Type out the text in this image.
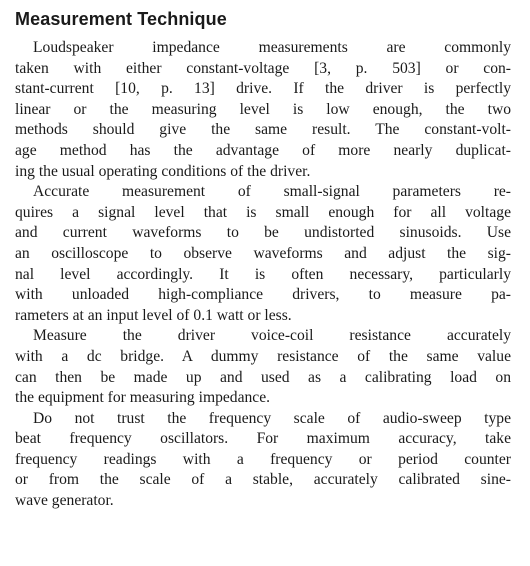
Measurement Technique
Loudspeaker impedance measurements are commonly
taken with either constant-voltage [3, p. 503] or con-
stant-current [10, p. 13] drive. If the driver is perfectly
linear or the measuring level is low enough, the two
methods should give the same result. The constant-volt-
age method has the advantage of more nearly duplicat-
ing the usual operating conditions of the driver.
Accurate measurement of small-signal parameters re-
quires a signal level that is small enough for all voltage
and current waveforms to be undistorted sinusoids. Use
an oscilloscope to observe waveforms and adjust the sig-
nal level accordingly. It is often necessary, particularly
with unloaded high-compliance drivers, to measure pa-
rameters at an input level of 0.1 watt or less.
Measure the driver voice-coil resistance accurately
with a dc bridge. A dummy resistance of the same value
can then be made up and used as a calibrating load on
the equipment for measuring impedance.
Do not trust the frequency scale of audio-sweep type
beat frequency oscillators. For maximum accuracy, take
frequency readings with a frequency or period counter
or from the scale of a stable, accurately calibrated sine-
wave generator.
